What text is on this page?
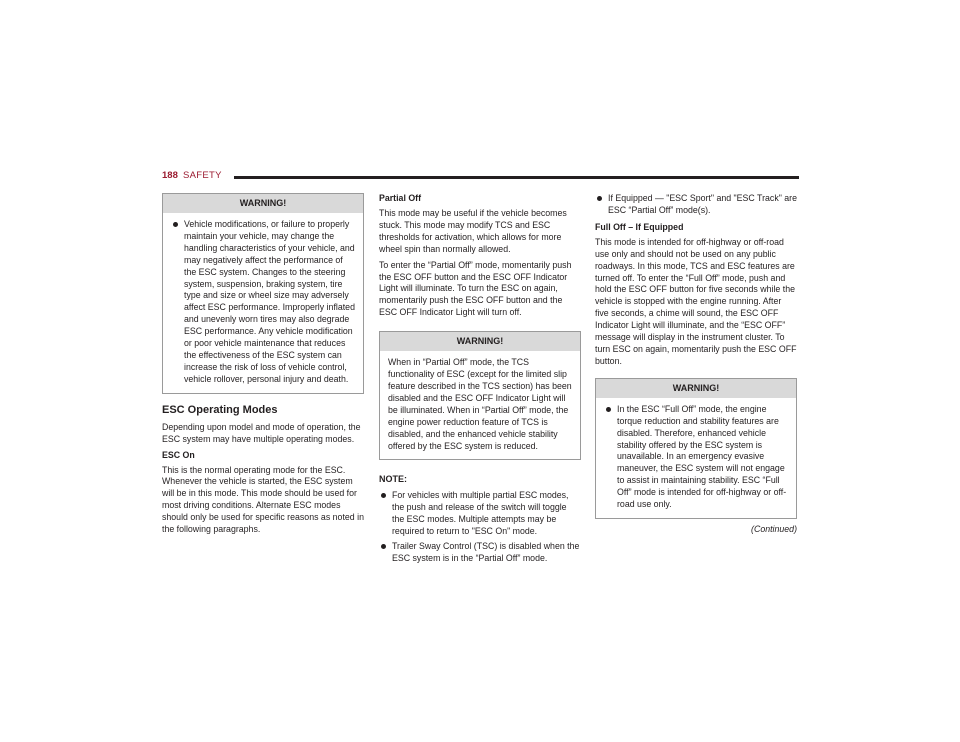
188 SAFETY
WARNING!
Vehicle modifications, or failure to properly maintain your vehicle, may change the handling characteristics of your vehicle, and may negatively affect the performance of the ESC system. Changes to the steering system, suspension, braking system, tire type and size or wheel size may adversely affect ESC performance. Improperly inflated and unevenly worn tires may also degrade ESC performance. Any vehicle modification or poor vehicle maintenance that reduces the effectiveness of the ESC system can increase the risk of loss of vehicle control, vehicle rollover, personal injury and death.
ESC Operating Modes

Depending upon model and mode of operation, the ESC system may have multiple operating modes.

ESC On

This is the normal operating mode for the ESC. Whenever the vehicle is started, the ESC system will be in this mode. This mode should be used for most driving conditions. Alternate ESC modes should only be used for specific reasons as noted in the following paragraphs.

Partial Off

This mode may be useful if the vehicle becomes stuck. This mode may modify TCS and ESC thresholds for activation, which allows for more wheel spin than normally allowed.

To enter the “Partial Off” mode, momentarily push the ESC OFF button and the ESC OFF Indicator Light will illuminate. To turn the ESC on again, momentarily push the ESC OFF button and the ESC OFF Indicator Light will turn off.

WARNING!

When in “Partial Off” mode, the TCS functionality of ESC (except for the limited slip feature described in the TCS section) has been disabled and the ESC OFF Indicator Light will be illuminated. When in “Partial Off” mode, the engine power reduction feature of TCS is disabled, and the enhanced vehicle stability offered by the ESC system is reduced.

NOTE:
For vehicles with multiple partial ESC modes, the push and release of the switch will toggle the ESC modes. Multiple attempts may be required to return to "ESC On" mode.
Trailer Sway Control (TSC) is disabled when the ESC system is in the “Partial Off” mode.
If Equipped — "ESC Sport" and "ESC Track" are ESC “Partial Off” mode(s).
Full Off – If Equipped

This mode is intended for off-highway or off-road use only and should not be used on any public roadways. In this mode, TCS and ESC features are turned off. To enter the “Full Off” mode, push and hold the ESC OFF button for five seconds while the vehicle is stopped with the engine running. After five seconds, a chime will sound, the ESC OFF Indicator Light will illuminate, and the “ESC OFF” message will display in the instrument cluster. To turn ESC on again, momentarily push the ESC OFF button.

WARNING!
In the ESC “Full Off” mode, the engine torque reduction and stability features are disabled. Therefore, enhanced vehicle stability offered by the ESC system is unavailable. In an emergency evasive maneuver, the ESC system will not engage to assist in maintaining stability. ESC “Full Off” mode is intended for off-highway or off-road use only.
(Continued)
